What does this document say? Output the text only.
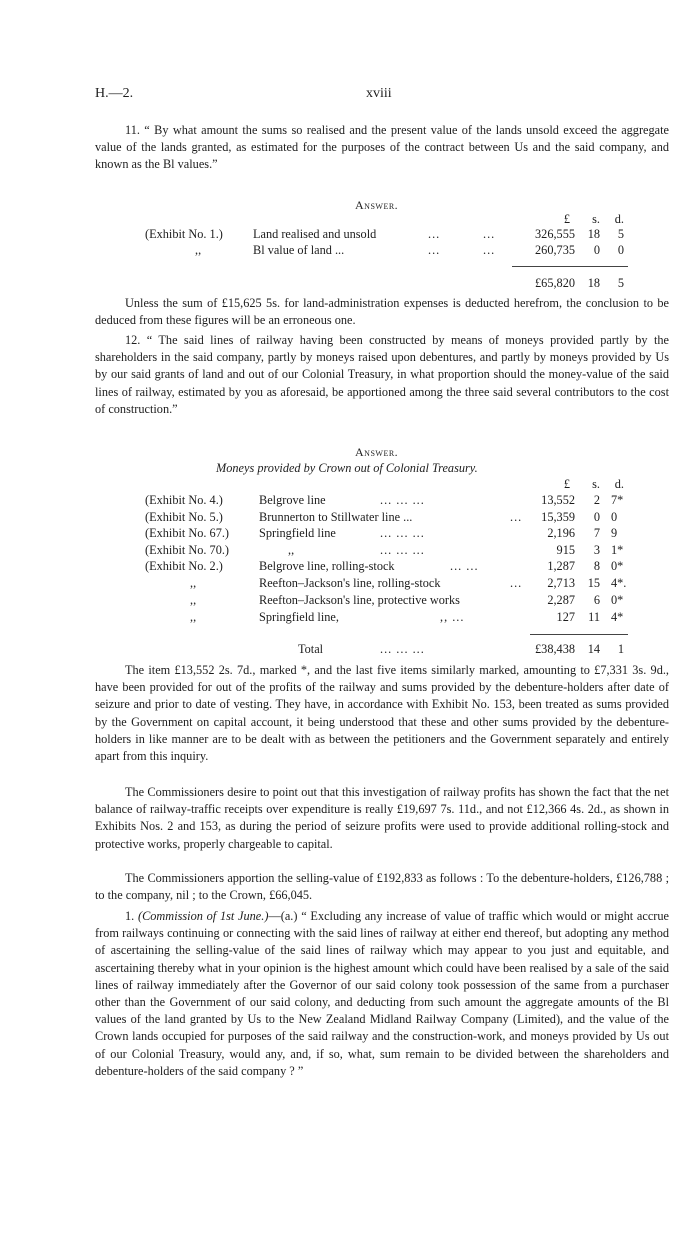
H.—2.	xviii

11. “ By what amount the sums so realised and the present value of the lands unsold exceed the aggregate value of the lands granted, as estimated for the purposes of the contract between Us and the said company, and known as the Bl values.”

Answer.
£	s.	d.
(Exhibit No. 1.) Land realised and unsold	...	...	326,555	18	5
,,	Bl value of land ...	...	...	260,735	0	0
£65,820	18	5

Unless the sum of £15,625 5s. for land-administration expenses is deducted herefrom, the conclusion to be deduced from these figures will be an erroneous one.

12. “ The said lines of railway having been constructed by means of moneys provided partly by the shareholders in the said company, partly by moneys raised upon debentures, and partly by moneys provided by Us by our said grants of land and out of our Colonial Treasury, in what proportion should the money-value of the said lines of railway, estimated by you as aforesaid, be apportioned among the three said several contributors to the cost of construction.”

Answer.
Moneys provided by Crown out of Colonial Treasury.
£	s.	d.
(Exhibit No. 4.)	Belgrove line	... ... ...	13,552	2 7*
(Exhibit No. 5.)	Brunnerton to Stillwater line ...	...	15,359	0 0
(Exhibit No. 67.) Springfield line	... ... ...	2,196	7 9
(Exhibit No. 70.)	,,	... ... ...	915	3 1*
(Exhibit No. 2.)	Belgrove line, rolling-stock	... ...	1,287	8 0*
,,	Reefton–Jackson's line, rolling-stock	...	2,713	15 4*.
,,	Reefton–Jackson's line, protective works	2,287	6 0*
,,	Springfield line,	,, ...	127	11 4*
Total	... ... ...	£38,438	14	1

The item £13,552 2s. 7d., marked *, and the last five items similarly marked, amounting to £7,331 3s. 9d., have been provided for out of the profits of the railway and sums provided by the debenture-holders after date of seizure and prior to date of vesting. They have, in accordance with Exhibit No. 153, been treated as sums provided by the Government on capital account, it being understood that these and other sums provided by the debenture-holders in like manner are to be dealt with as between the petitioners and the Government separately and entirely apart from this inquiry.

The Commissioners desire to point out that this investigation of railway profits has shown the fact that the net balance of railway-traffic receipts over expenditure is really £19,697 7s. 11d., and not £12,366 4s. 2d., as shown in Exhibits Nos. 2 and 153, as during the period of seizure profits were used to provide additional rolling-stock and protective works, properly chargeable to capital.

The Commissioners apportion the selling-value of £192,833 as follows : To the debenture-holders, £126,788 ; to the company, nil ; to the Crown, £66,045.

1. (Commission of 1st June.)—(a.) “ Excluding any increase of value of traffic which would or might accrue from railways continuing or connecting with the said lines of railway at either end thereof, but adopting any method of ascertaining the selling-value of the said lines of railway which may appear to you just and equitable, and ascertaining thereby what in your opinion is the highest amount which could have been realised by a sale of the said lines of railway immediately after the Governor of our said colony took possession of the same from a purchaser other than the Government of our said colony, and deducting from such amount the aggregate amounts of the Bl values of the land granted by Us to the New Zealand Midland Railway Company (Limited), and the value of the Crown lands occupied for purposes of the said railway and the construction-work, and moneys provided by Us out of our Colonial Treasury, would any, and, if so, what, sum remain to be divided between the shareholders and debenture-holders of the said company ? ”
